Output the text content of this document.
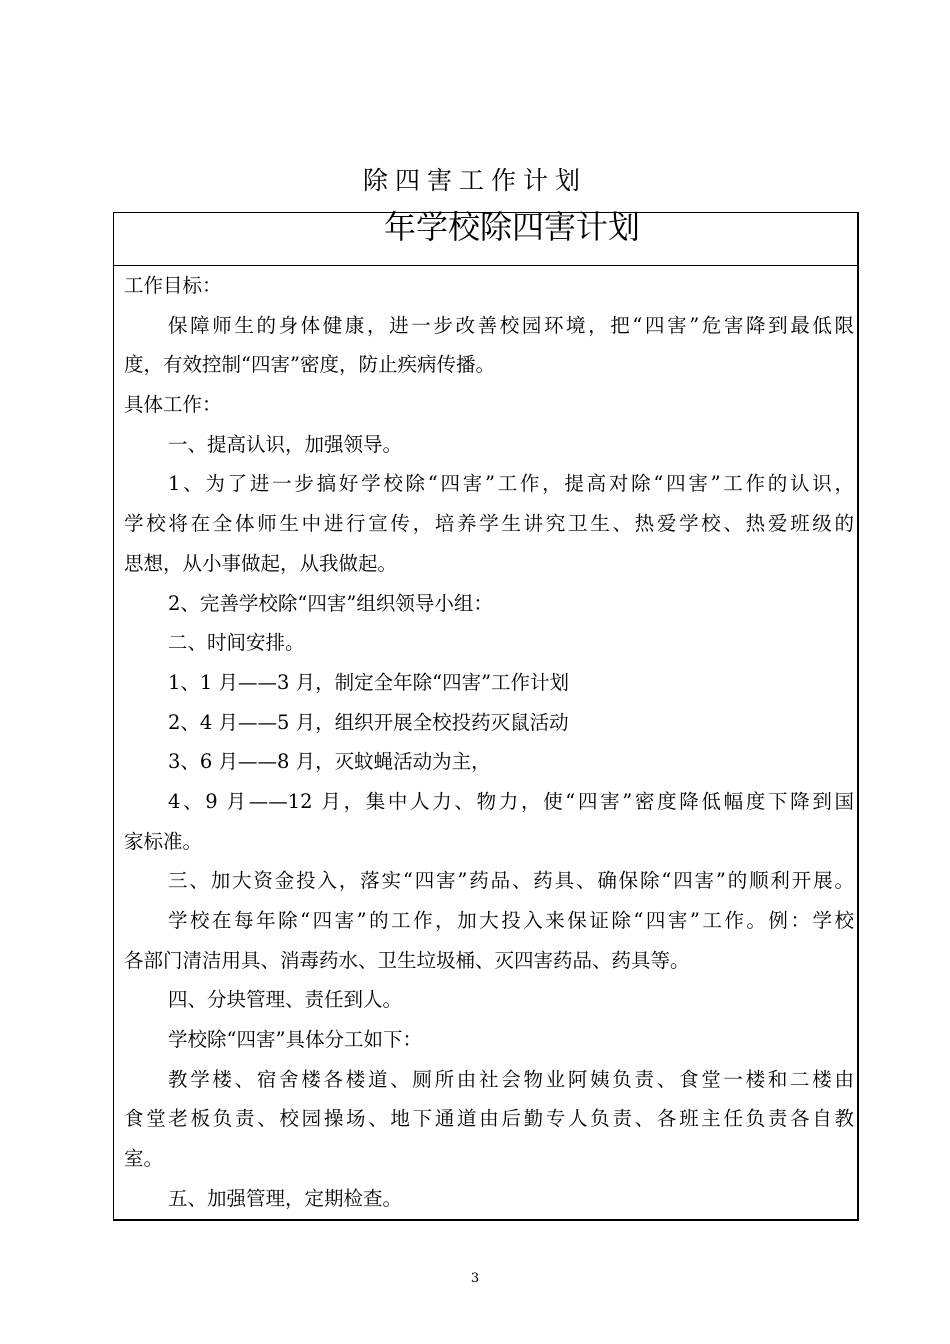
除四害工作计划
年学校除四害计划
工作目标：
保障师生的身体健康，进一步改善校园环境，把“四害”危害降到最低限
度，有效控制“四害”密度，防止疾病传播。
具体工作：
一、提高认识，加强领导。
1、为了进一步搞好学校除“四害”工作，提高对除“四害”工作的认识，
学校将在全体师生中进行宣传，培养学生讲究卫生、热爱学校、热爱班级的
思想，从小事做起，从我做起。
2、完善学校除“四害”组织领导小组：
二、时间安排。
1、1 月——3 月，制定全年除“四害”工作计划
2、4 月——5 月，组织开展全校投药灭鼠活动
3、6 月——8 月，灭蚊蝇活动为主，
4、9 月——12 月，集中人力、物力，使“四害”密度降低幅度下降到国
家标准。
三、加大资金投入，落实“四害”药品、药具、确保除“四害”的顺利开展。
学校在每年除“四害”的工作，加大投入来保证除“四害”工作。例：学校
各部门清洁用具、消毒药水、卫生垃圾桶、灭四害药品、药具等。
四、分块管理、责任到人。
学校除“四害”具体分工如下：
教学楼、宿舍楼各楼道、厕所由社会物业阿姨负责、食堂一楼和二楼由
食堂老板负责、校园操场、地下通道由后勤专人负责、各班主任负责各自教
室。
五、加强管理，定期检查。
3
